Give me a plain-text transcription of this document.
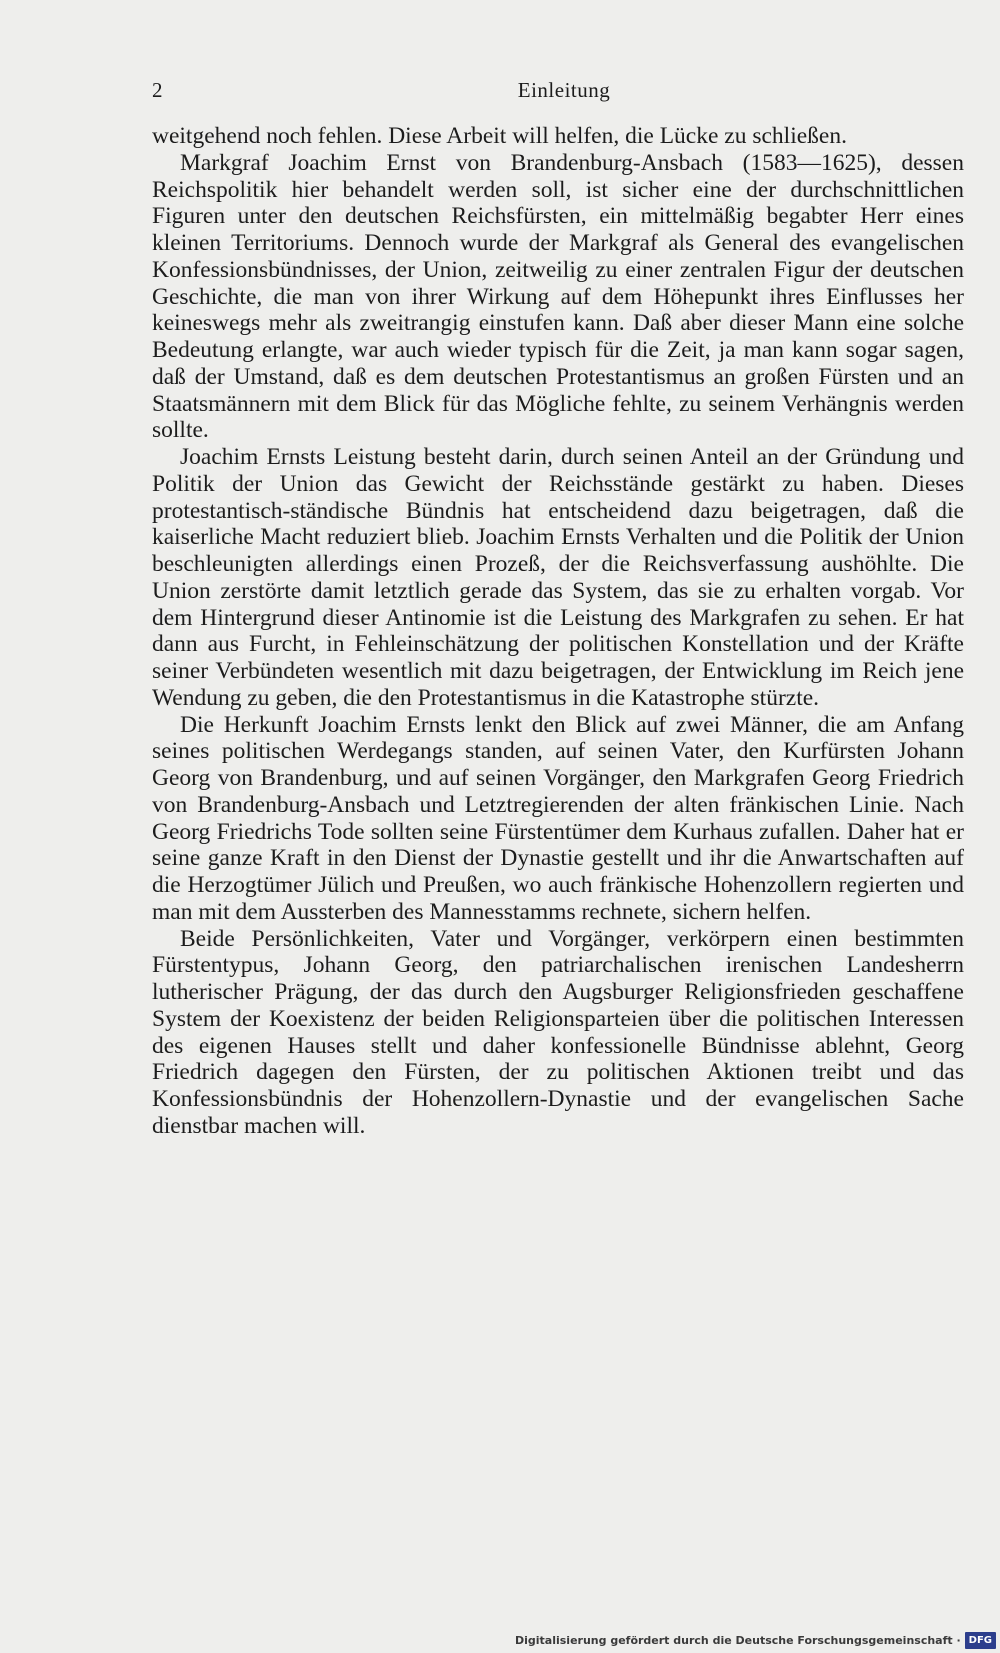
2	Einleitung

weitgehend noch fehlen. Diese Arbeit will helfen, die Lücke zu schließen.

Markgraf Joachim Ernst von Brandenburg-Ansbach (1583—1625), dessen Reichspolitik hier behandelt werden soll, ist sicher eine der durchschnittlichen Figuren unter den deutschen Reichsfürsten, ein mittelmäßig begabter Herr eines kleinen Territoriums. Dennoch wurde der Markgraf als General des evangelischen Konfessionsbündnisses, der Union, zeitweilig zu einer zentralen Figur der deutschen Geschichte, die man von ihrer Wirkung auf dem Höhepunkt ihres Einflusses her keineswegs mehr als zweitrangig einstufen kann. Daß aber dieser Mann eine solche Bedeutung erlangte, war auch wieder typisch für die Zeit, ja man kann sogar sagen, daß der Umstand, daß es dem deutschen Protestantismus an großen Fürsten und an Staatsmännern mit dem Blick für das Mögliche fehlte, zu seinem Verhängnis werden sollte.

Joachim Ernsts Leistung besteht darin, durch seinen Anteil an der Gründung und Politik der Union das Gewicht der Reichsstände gestärkt zu haben. Dieses protestantisch-ständische Bündnis hat entscheidend dazu beigetragen, daß die kaiserliche Macht reduziert blieb. Joachim Ernsts Verhalten und die Politik der Union beschleunigten allerdings einen Prozeß, der die Reichsverfassung aushöhlte. Die Union zerstörte damit letztlich gerade das System, das sie zu erhalten vorgab. Vor dem Hintergrund dieser Antinomie ist die Leistung des Markgrafen zu sehen. Er hat dann aus Furcht, in Fehleinschätzung der politischen Konstellation und der Kräfte seiner Verbündeten wesentlich mit dazu beigetragen, der Entwicklung im Reich jene Wendung zu geben, die den Protestantismus in die Katastrophe stürzte.

Die Herkunft Joachim Ernsts lenkt den Blick auf zwei Männer, die am Anfang seines politischen Werdegangs standen, auf seinen Vater, den Kurfürsten Johann Georg von Brandenburg, und auf seinen Vorgänger, den Markgrafen Georg Friedrich von Brandenburg-Ansbach und Letztregierenden der alten fränkischen Linie. Nach Georg Friedrichs Tode sollten seine Fürstentümer dem Kurhaus zufallen. Daher hat er seine ganze Kraft in den Dienst der Dynastie gestellt und ihr die Anwartschaften auf die Herzogtümer Jülich und Preußen, wo auch fränkische Hohenzollern regierten und man mit dem Aussterben des Mannesstamms rechnete, sichern helfen.

Beide Persönlichkeiten, Vater und Vorgänger, verkörpern einen bestimmten Fürstentypus, Johann Georg, den patriarchalischen irenischen Landesherrn lutherischer Prägung, der das durch den Augsburger Religionsfrieden geschaffene System der Koexistenz der beiden Religionsparteien über die politischen Interessen des eigenen Hauses stellt und daher konfessionelle Bündnisse ablehnt, Georg Friedrich dagegen den Fürsten, der zu politischen Aktionen treibt und das Konfessionsbündnis der Hohenzollern-Dynastie und der evangelischen Sache dienstbar machen will.

Digitalisierung gefördert durch die Deutsche Forschungsgemeinschaft · DFG
